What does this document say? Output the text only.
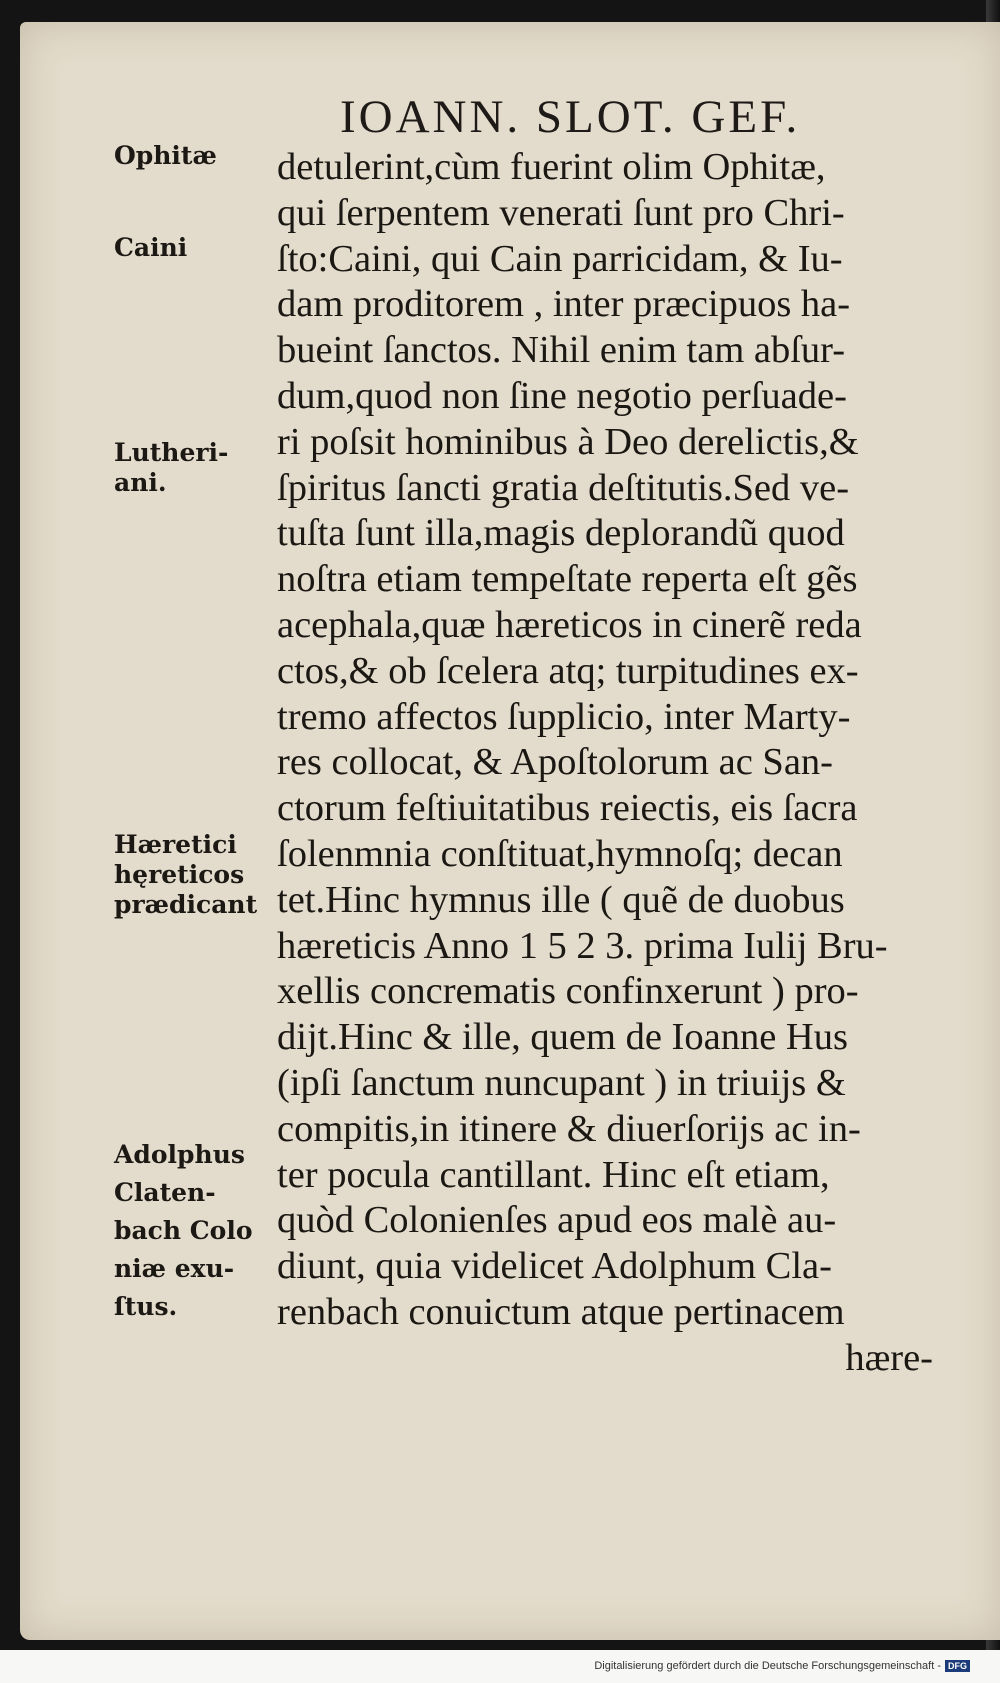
IOANN. SLOT. GEF.
detulerint,cùm fuerint olim Ophitæ,
qui ſerpentem venerati ſunt pro Chri-
ſto:Caini, qui Cain parricidam, & Iu-
dam proditorem , inter præcipuos ha-
bueint ſanctos. Nihil enim tam abſur-
dum,quod non ſine negotio perſuade-
ri poſsit hominibus à Deo derelictis,&
ſpiritus ſancti gratia deſtitutis.Sed ve-
tuſta ſunt illa,magis deplorandũ quod
noſtra etiam tempeſtate reperta eſt gẽs
acephala,quæ hæreticos in cinerẽ reda
ctos,& ob ſcelera atq; turpitudines ex-
tremo affectos ſupplicio, inter Marty-
res collocat, & Apoſtolorum ac San-
ctorum feſtiuitatibus reiectis, eis ſacra
ſolenmnia conſtituat,hymnoſq; decan
tet.Hinc hymnus ille ( quẽ de duobus
hæreticis Anno 1 5 2 3. prima Iulij Bru-
xellis concrematis confinxerunt ) pro-
dijt.Hinc & ille, quem de Ioanne Hus
(ipſi ſanctum nuncupant ) in triuijs &
compitis,in itinere & diuerſorijs ac in-
ter pocula cantillant. Hinc eſt etiam,
quòd Colonienſes apud eos malè au-
diunt, quia videlicet Adolphum Cla-
renbach conuictum atque pertinacem
hære-
Ophitæ
Caini
Lutheri-
ani.
Hæretici
hęreticos
prædicant
Adolphus
Claten-
bach Colo
niæ exu-
ſtus.
Digitalisierung gefördert durch die Deutsche Forschungsgemeinschaft - DFG
